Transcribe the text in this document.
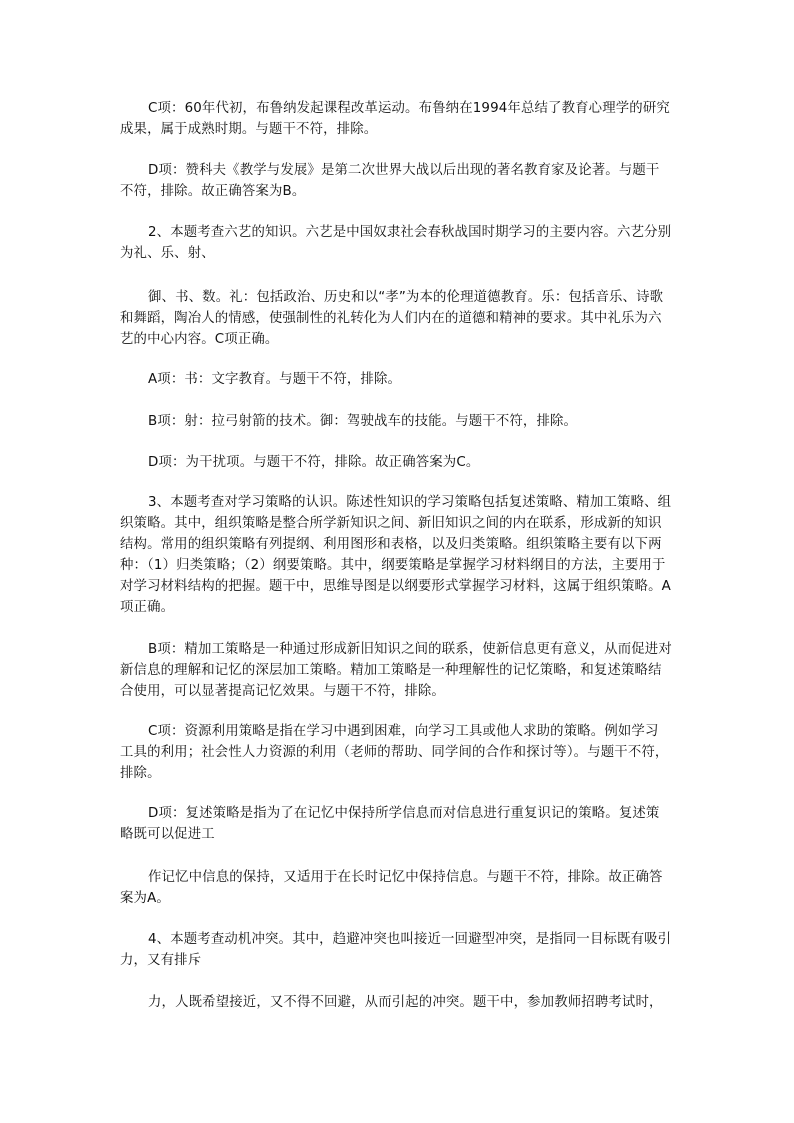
C项：60年代初，布鲁纳发起课程改革运动。布鲁纳在1994年总结了教育心理学的研究成果，属于成熟时期。与题干不符，排除。

D项：赞科夫《教学与发展》是第二次世界大战以后出现的著名教育家及论著。与题干不符，排除。故正确答案为B。

2、本题考查六艺的知识。六艺是中国奴隶社会春秋战国时期学习的主要内容。六艺分别为礼、乐、射、

御、书、数。礼：包括政治、历史和以“孝”为本的伦理道德教育。乐：包括音乐、诗歌和舞蹈，陶冶人的情感，使强制性的礼转化为人们内在的道德和精神的要求。其中礼乐为六艺的中心内容。C项正确。

A项：书：文字教育。与题干不符，排除。

B项：射：拉弓射箭的技术。御：驾驶战车的技能。与题干不符，排除。

D项：为干扰项。与题干不符，排除。故正确答案为C。

3、本题考查对学习策略的认识。陈述性知识的学习策略包括复述策略、精加工策略、组织策略。其中，组织策略是整合所学新知识之间、新旧知识之间的内在联系，形成新的知识结构。常用的组织策略有列提纲、利用图形和表格，以及归类策略。组织策略主要有以下两种：（1）归类策略；（2）纲要策略。其中，纲要策略是掌握学习材料纲目的方法，主要用于对学习材料结构的把握。题干中，思维导图是以纲要形式掌握学习材料，这属于组织策略。A项正确。

B项：精加工策略是一种通过形成新旧知识之间的联系，使新信息更有意义，从而促进对新信息的理解和记忆的深层加工策略。精加工策略是一种理解性的记忆策略，和复述策略结合使用，可以显著提高记忆效果。与题干不符，排除。

C项：资源利用策略是指在学习中遇到困难，向学习工具或他人求助的策略。例如学习工具的利用；社会性人力资源的利用（老师的帮助、同学间的合作和探讨等）。与题干不符，排除。

D项：复述策略是指为了在记忆中保持所学信息而对信息进行重复识记的策略。复述策略既可以促进工

作记忆中信息的保持，又适用于在长时记忆中保持信息。与题干不符，排除。故正确答案为A。

4、本题考查动机冲突。其中，趋避冲突也叫接近一回避型冲突，是指同一目标既有吸引力，又有排斥

力，人既希望接近，又不得不回避，从而引起的冲突。题干中，参加教师招聘考试时，
